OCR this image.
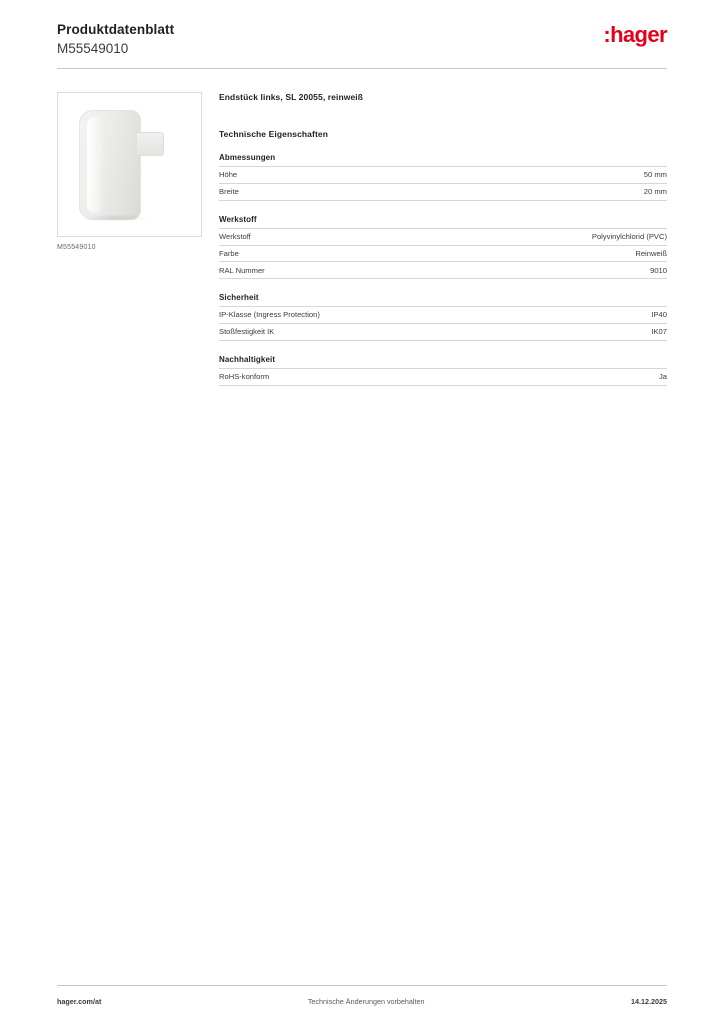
Produktdatenblatt
M55549010
:hager
M55549010
Endstück links, SL 20055, reinweiß
Technische Eigenschaften
Abmessungen
Höhe	50 mm
Breite	20 mm
Werkstoff
Werkstoff	Polyvinylchlorid (PVC)
Farbe	Reinweiß
RAL Nummer	9010
Sicherheit
IP-Klasse (Ingress Protection)	IP40
Stoßfestigkeit IK	IK07
Nachhaltigkeit
RoHS-konform	Ja
hager.com/at	Technische Änderungen vorbehalten	14.12.2025
